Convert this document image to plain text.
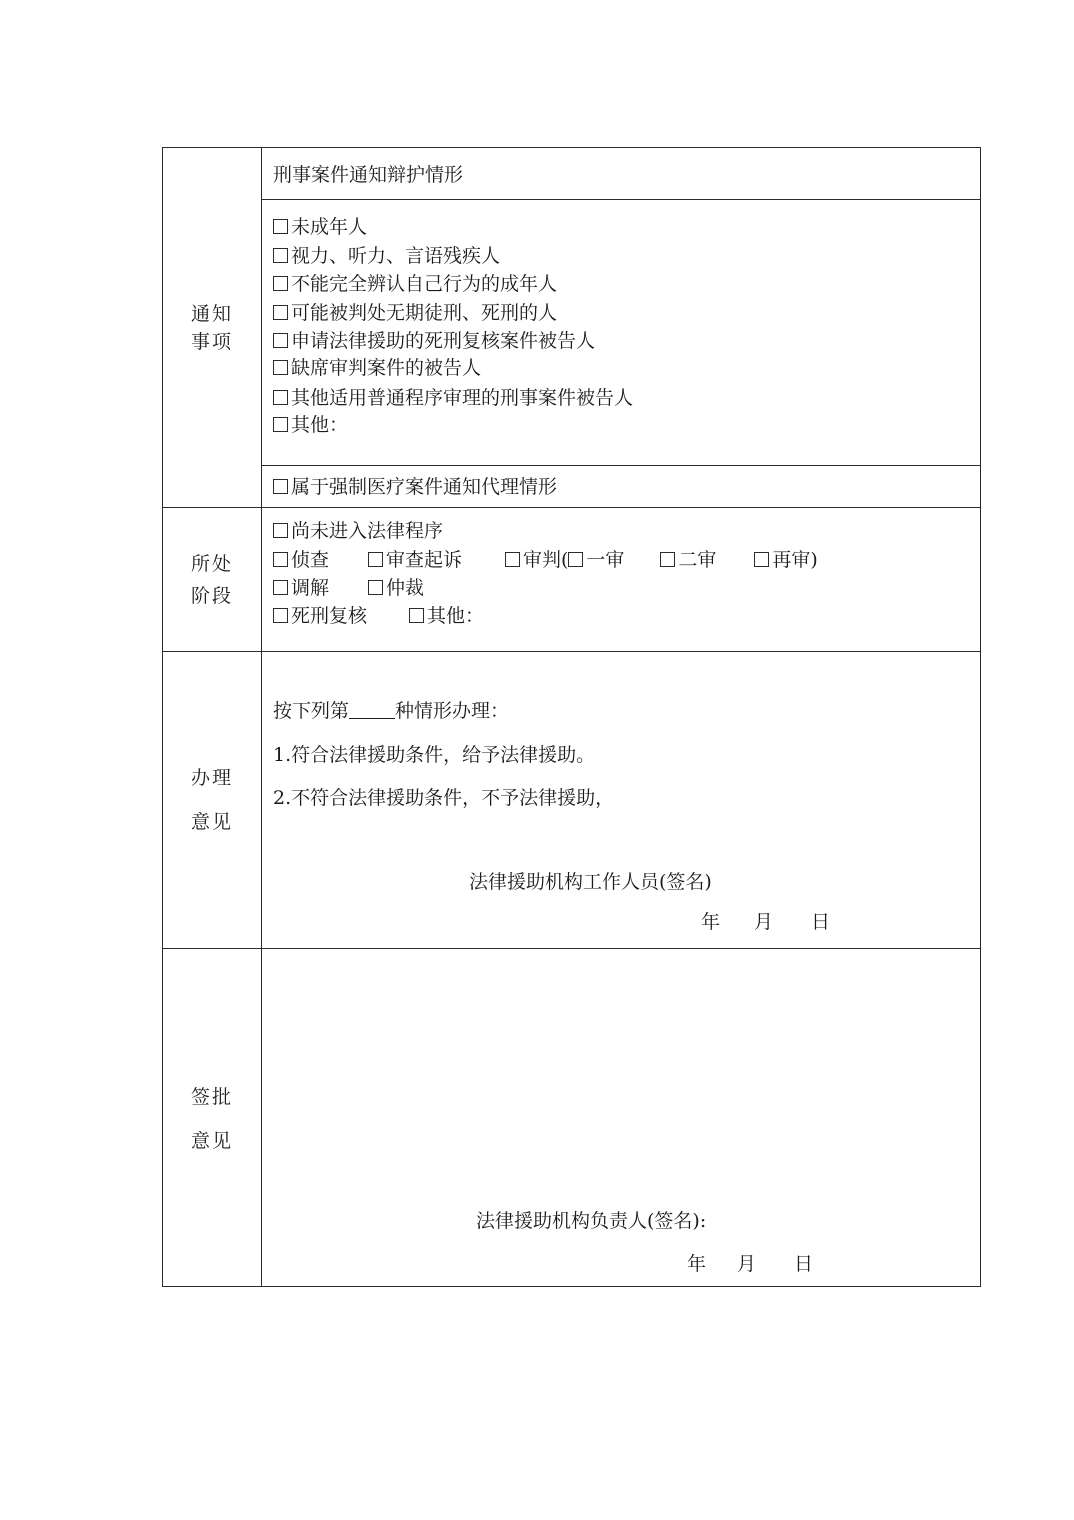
通知
事项
刑事案件通知辩护情形
未成年人
视力、听力、言语残疾人
不能完全辨认自己行为的成年人
可能被判处无期徒刑、死刑的人
申请法律援助的死刑复核案件被告人
缺席审判案件的被告人
其他适用普通程序审理的刑事案件被告人
其他：
属于强制医疗案件通知代理情形
所处
阶段
尚未进入法律程序
侦查	审查起诉	审判( 一审	二审	再审)
调解	仲裁
死刑复核	其他：
办理
意见
按下列第 种情形办理：
1.符合法律援助条件，给予法律援助。
2.不符合法律援助条件，不予法律援助，
法律援助机构工作人员(签名)
年 月 日
签批
意见
法律援助机构负责人(签名):
年 月 日
